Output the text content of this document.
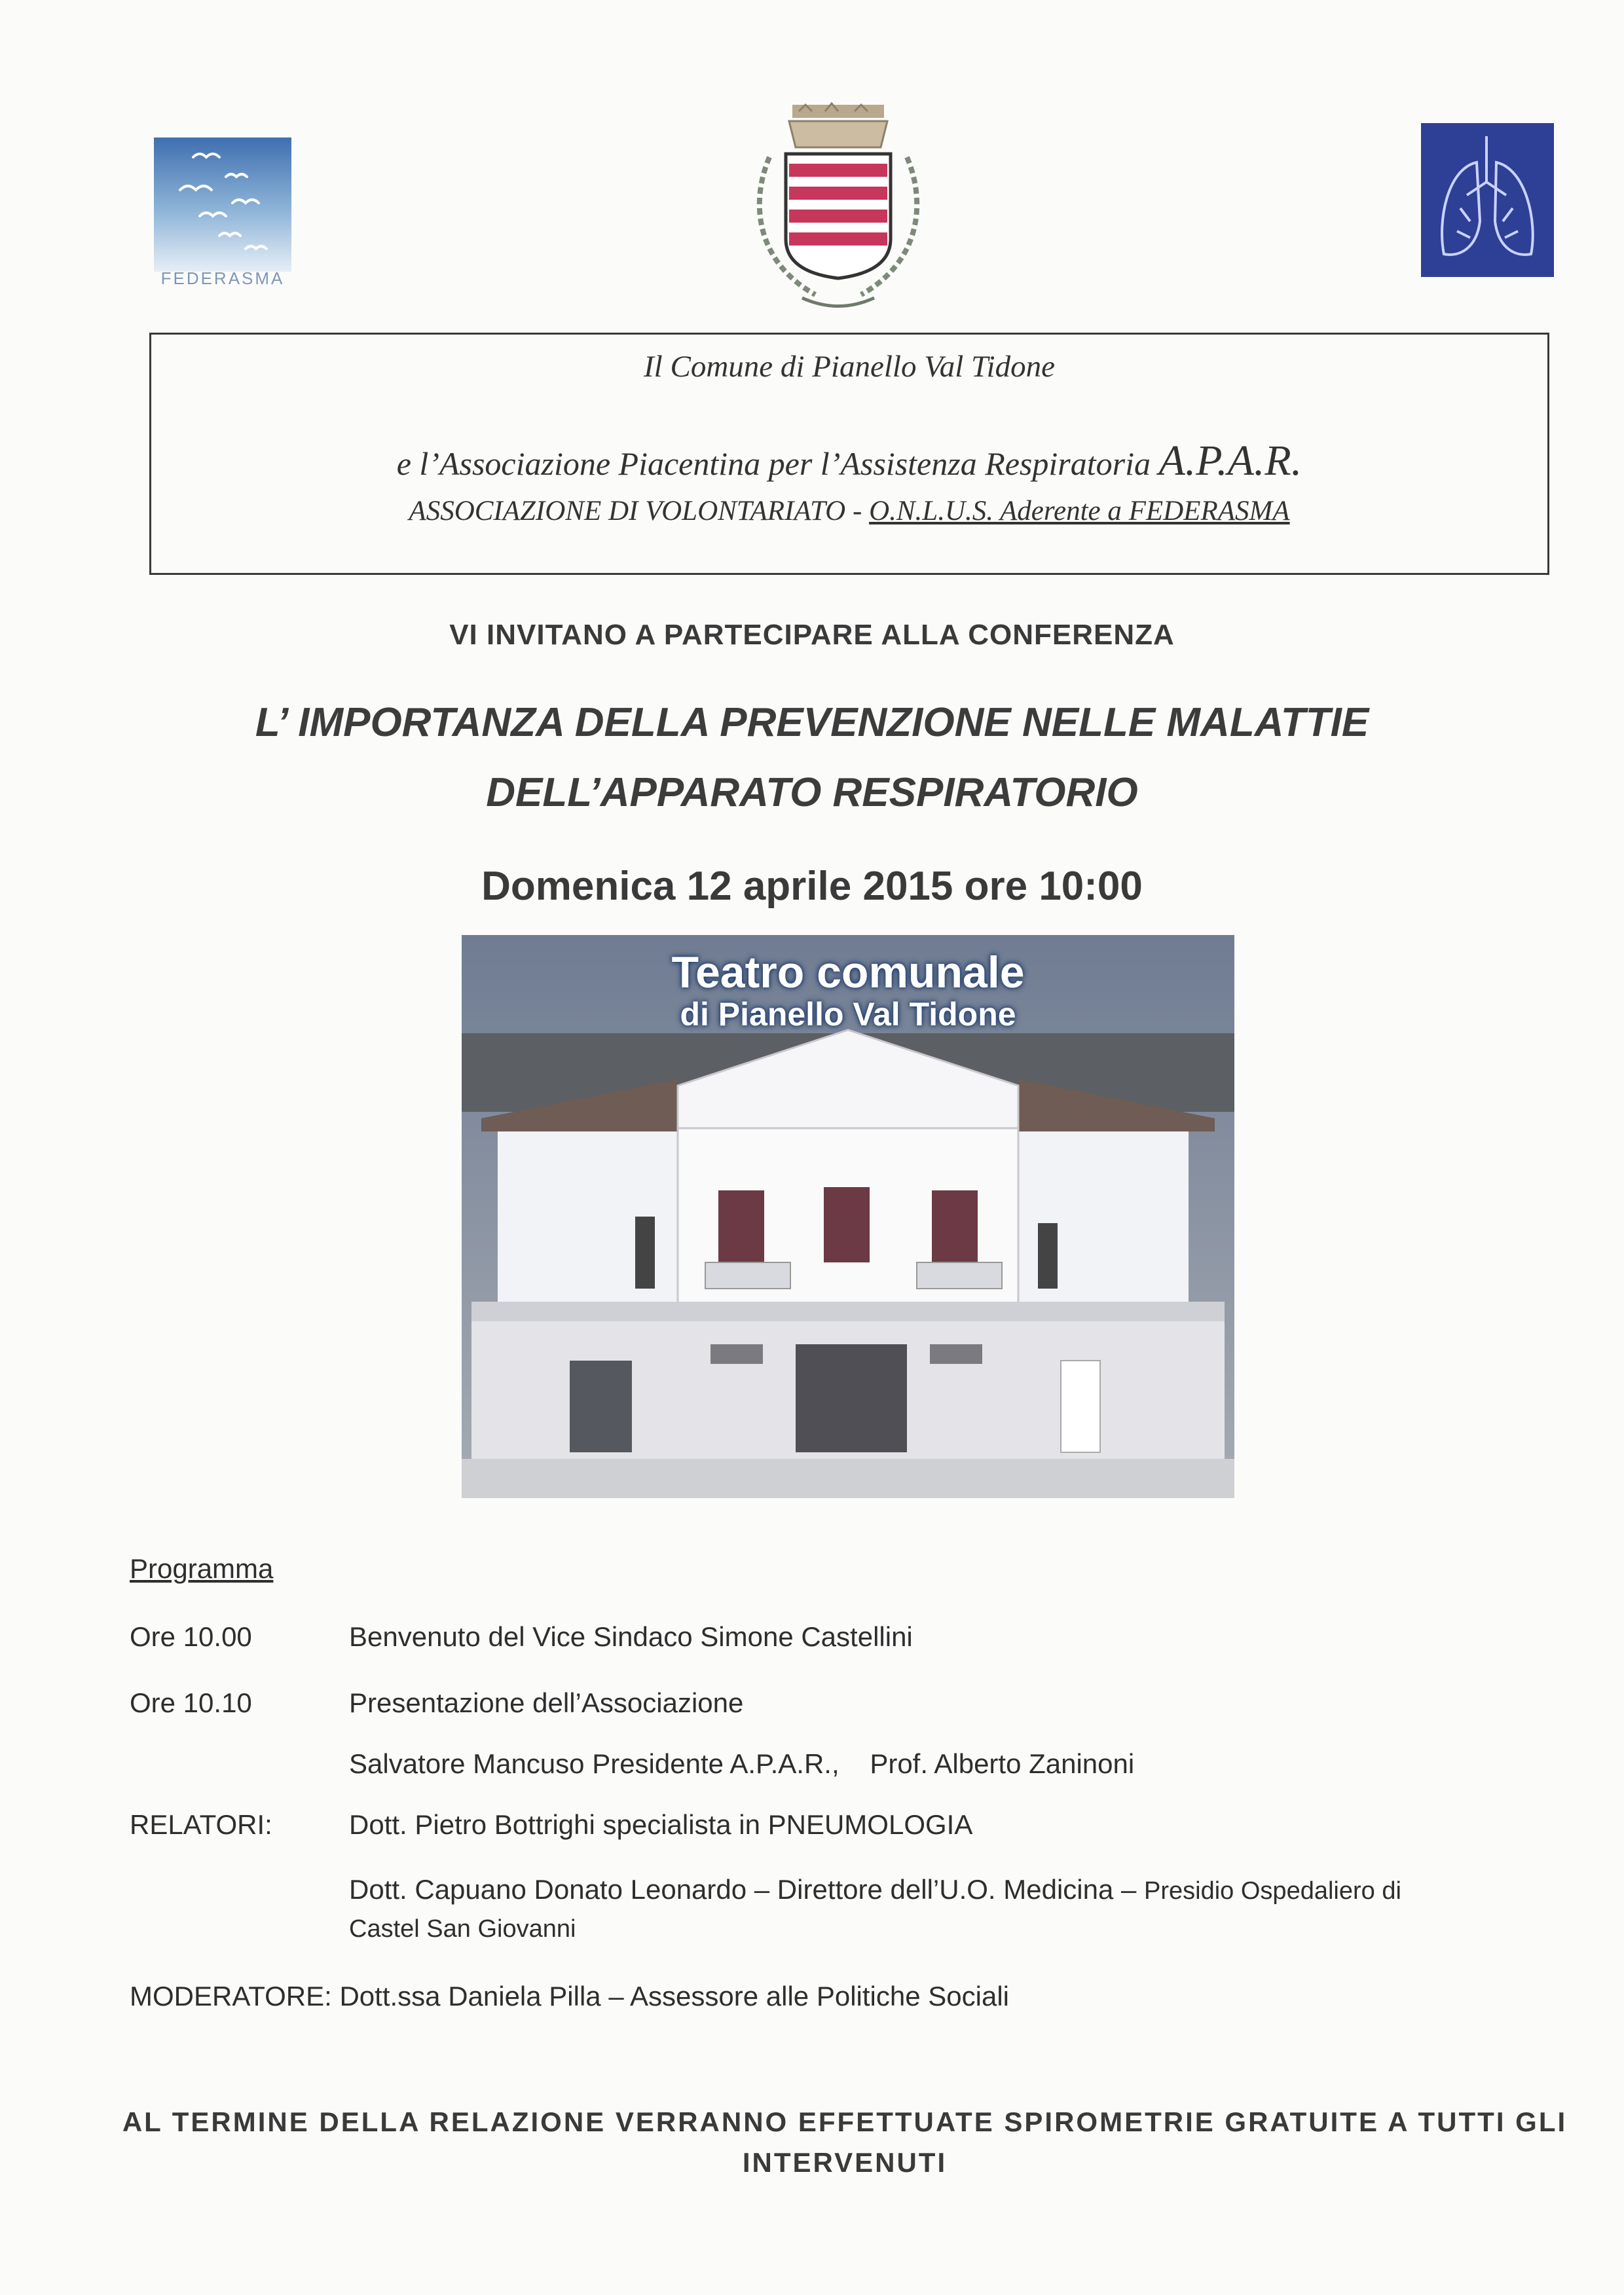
FEDERASMA
Il Comune di Pianello Val Tidone
e l’Associazione Piacentina per l’Assistenza Respiratoria A.P.A.R.
ASSOCIAZIONE DI VOLONTARIATO - O.N.L.U.S. Aderente a FEDERASMA
VI INVITANO A PARTECIPARE ALLA CONFERENZA
L’ IMPORTANZA DELLA PREVENZIONE NELLE MALATTIE
DELL’APPARATO RESPIRATORIO
Domenica 12 aprile 2015 ore 10:00
Teatro comunale
di Pianello Val Tidone
Programma
Ore 10.00	Benvenuto del Vice Sindaco Simone Castellini
Ore 10.10	Presentazione dell’Associazione
Salvatore Mancuso Presidente A.P.A.R.,    Prof. Alberto Zaninoni
RELATORI:	Dott. Pietro Bottrighi specialista in PNEUMOLOGIA
Dott. Capuano Donato Leonardo – Direttore dell’U.O. Medicina – Presidio Ospedaliero di
Castel San Giovanni
MODERATORE: Dott.ssa Daniela Pilla – Assessore alle Politiche Sociali
AL TERMINE DELLA RELAZIONE VERRANNO EFFETTUATE SPIROMETRIE GRATUITE A TUTTI GLI
INTERVENUTI
